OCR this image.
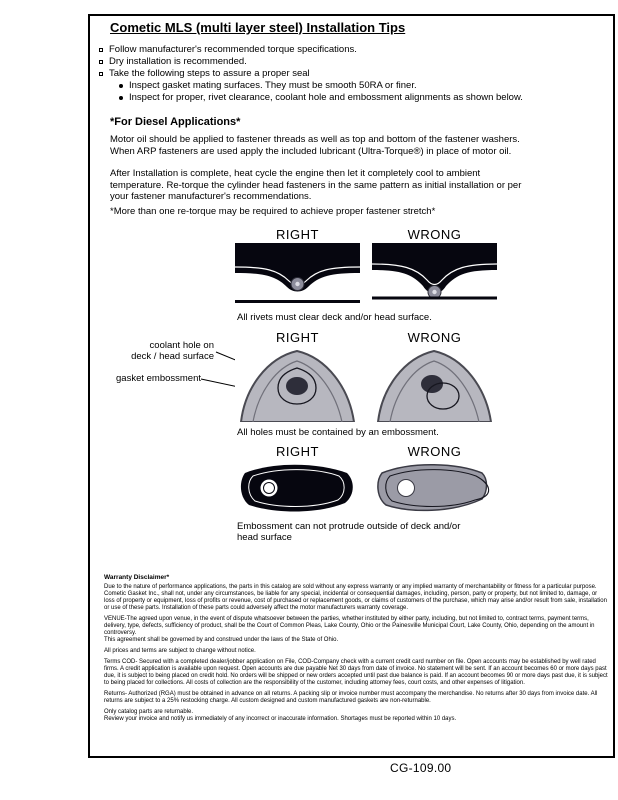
Cometic MLS (multi layer steel) Installation Tips
Follow manufacturer's recommended torque specifications.
Dry installation is recommended.
Take the following steps to assure a proper seal
Inspect gasket mating surfaces. They must be smooth 50RA or finer.
Inspect for proper, rivet clearance, coolant hole and embossment alignments as shown below.
*For Diesel Applications*
Motor oil should be applied to fastener threads as well as top and bottom of the fastener washers. When ARP fasteners are used apply the included lubricant (Ultra-Torque®) in place of motor oil.
After Installation is complete, heat cycle the engine then let it completely cool to ambient temperature. Re-torque the cylinder head fasteners in the same pattern as initial installation or per your fastener manufacturer's recommendations.
*More than one re-torque may be required to achieve proper fastener stretch*
RIGHT	WRONG
All rivets must clear deck and/or head surface.
RIGHT	WRONG
coolant hole on deck / head surface
gasket embossment
All holes must be contained by an embossment.
RIGHT	WRONG
Embossment can not protrude outside of deck and/or head surface
Warranty Disclaimer*

Due to the nature of performance applications, the parts in this catalog are sold without any express warranty or any implied warranty of merchantability or fitness for a particular purpose. Cometic Gasket Inc., shall not, under any circumstances, be liable for any special, incidental or consequential damages, including, person, party or property, but not limited to, damage, or loss of property or equipment, loss of profits or revenue, cost of purchased or replacement goods, or claims of customers of the purchase, which may arise and/or result from sale, installation or use of these parts. Installation of these parts could adversely affect the motor manufacturers warranty coverage.

VENUE-The agreed upon venue, in the event of dispute whatsoever between the parties, whether instituted by either party, including, but not limited to, contract terms, payment terms, delivery, type, defects, sufficiency of product, shall be the Court of Common Pleas, Lake County, Ohio or the Painesville Municipal Court, Lake County, Ohio, depending on the amount in controversy.

This agreement shall be governed by and construed under the laws of the State of Ohio.

All prices and terms are subject to change without notice.

Terms COD- Secured with a completed dealer/jobber application on File, COD-Company check with a current credit card number on file. Open accounts may be established by well rated firms. A credit application is available upon request. Open accounts are due payable Net 30 days from date of invoice. No statement will be sent. If an account becomes 60 or more days past due, it is subject to being placed on credit hold. No orders will be shipped or new orders accepted until past due balance is paid. If an account becomes 90 or more days past due, it is subject to being placed for collections. All costs of collection are the responsibility of the customer, including attorney fees, court costs, and other expenses of litigation.

Returns- Authorized (RGA) must be obtained in advance on all returns. A packing slip or invoice number must accompany the merchandise. No returns after 30 days from invoice date. All returns are subject to a 25% restocking charge. All custom designed and custom manufactured gaskets are non-returnable.

Only catalog parts are returnable.

Review your invoice and notify us immediately of any incorrect or inaccurate information. Shortages must be reported within 10 days.

CG-109.00
